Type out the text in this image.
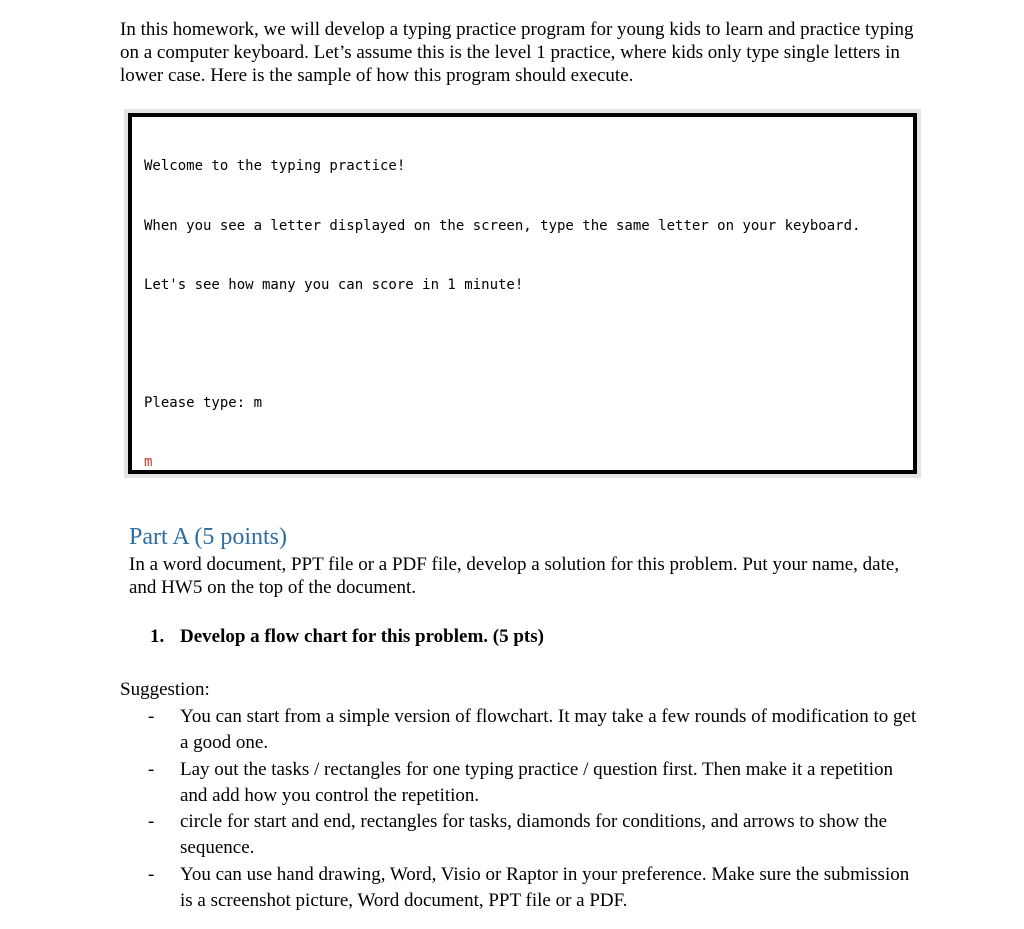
In this homework, we will develop a typing practice program for young kids to learn and practice typing on a computer keyboard. Let’s assume this is the level 1 practice, where kids only type single letters in lower case. Here is the sample of how this program should execute.

Welcome to the typing practice!

When you see a letter displayed on the screen, type the same letter on your keyboard.

Let's see how many you can score in 1 minute!

Please type: m

m

Part A (5 points)

In a word document, PPT file or a PDF file, develop a solution for this problem. Put your name, date, and HW5 on the top of the document.

1. Develop a flow chart for this problem. (5 pts)

Suggestion:

- You can start from a simple version of flowchart. It may take a few rounds of modification to get a good one.
- Lay out the tasks / rectangles for one typing practice / question first. Then make it a repetition and add how you control the repetition.
- circle for start and end, rectangles for tasks, diamonds for conditions, and arrows to show the sequence.
- You can use hand drawing, Word, Visio or Raptor in your preference. Make sure the submission is a screenshot picture, Word document, PPT file or a PDF.
